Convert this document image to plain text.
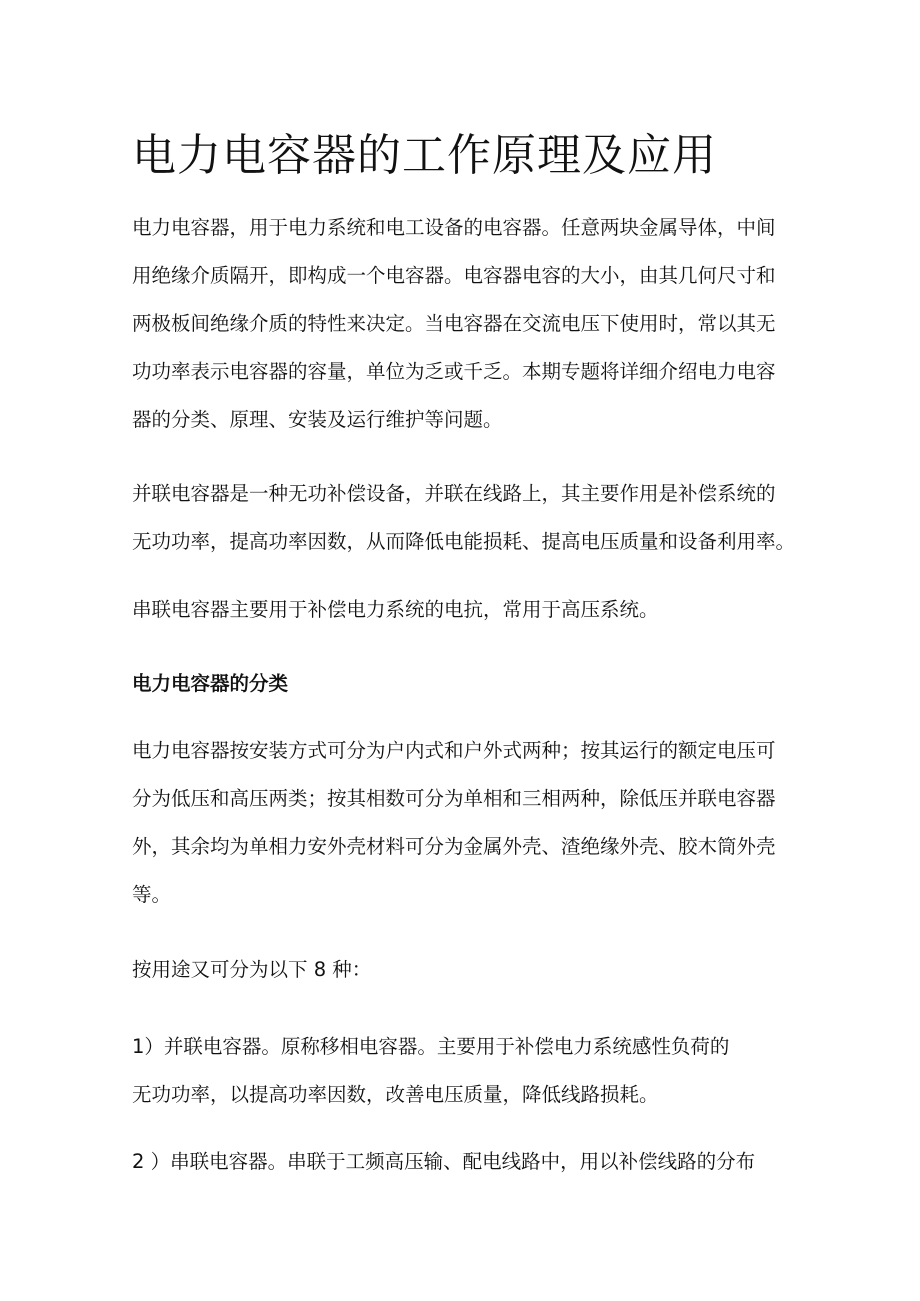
电力电容器的工作原理及应用
电力电容器，用于电力系统和电工设备的电容器。任意两块金属导体，中间
用绝缘介质隔开，即构成一个电容器。电容器电容的大小，由其几何尺寸和
两极板间绝缘介质的特性来决定。当电容器在交流电压下使用时，常以其无
功功率表示电容器的容量，单位为乏或千乏。本期专题将详细介绍电力电容
器的分类、原理、安装及运行维护等问题。
并联电容器是一种无功补偿设备，并联在线路上，其主要作用是补偿系统的
无功功率，提高功率因数，从而降低电能损耗、提高电压质量和设备利用率。
串联电容器主要用于补偿电力系统的电抗，常用于高压系统。
电力电容器的分类
电力电容器按安装方式可分为户内式和户外式两种；按其运行的额定电压可
分为低压和高压两类；按其相数可分为单相和三相两种，除低压并联电容器
外，其余均为单相力安外壳材料可分为金属外壳、渣绝缘外壳、胶木筒外壳
等。
按用途又可分为以下 8 种：
1）并联电容器。原称移相电容器。主要用于补偿电力系统感性负荷的
无功功率，以提高功率因数，改善电压质量，降低线路损耗。
2 ）串联电容器。串联于工频高压输、配电线路中，用以补偿线路的分布
